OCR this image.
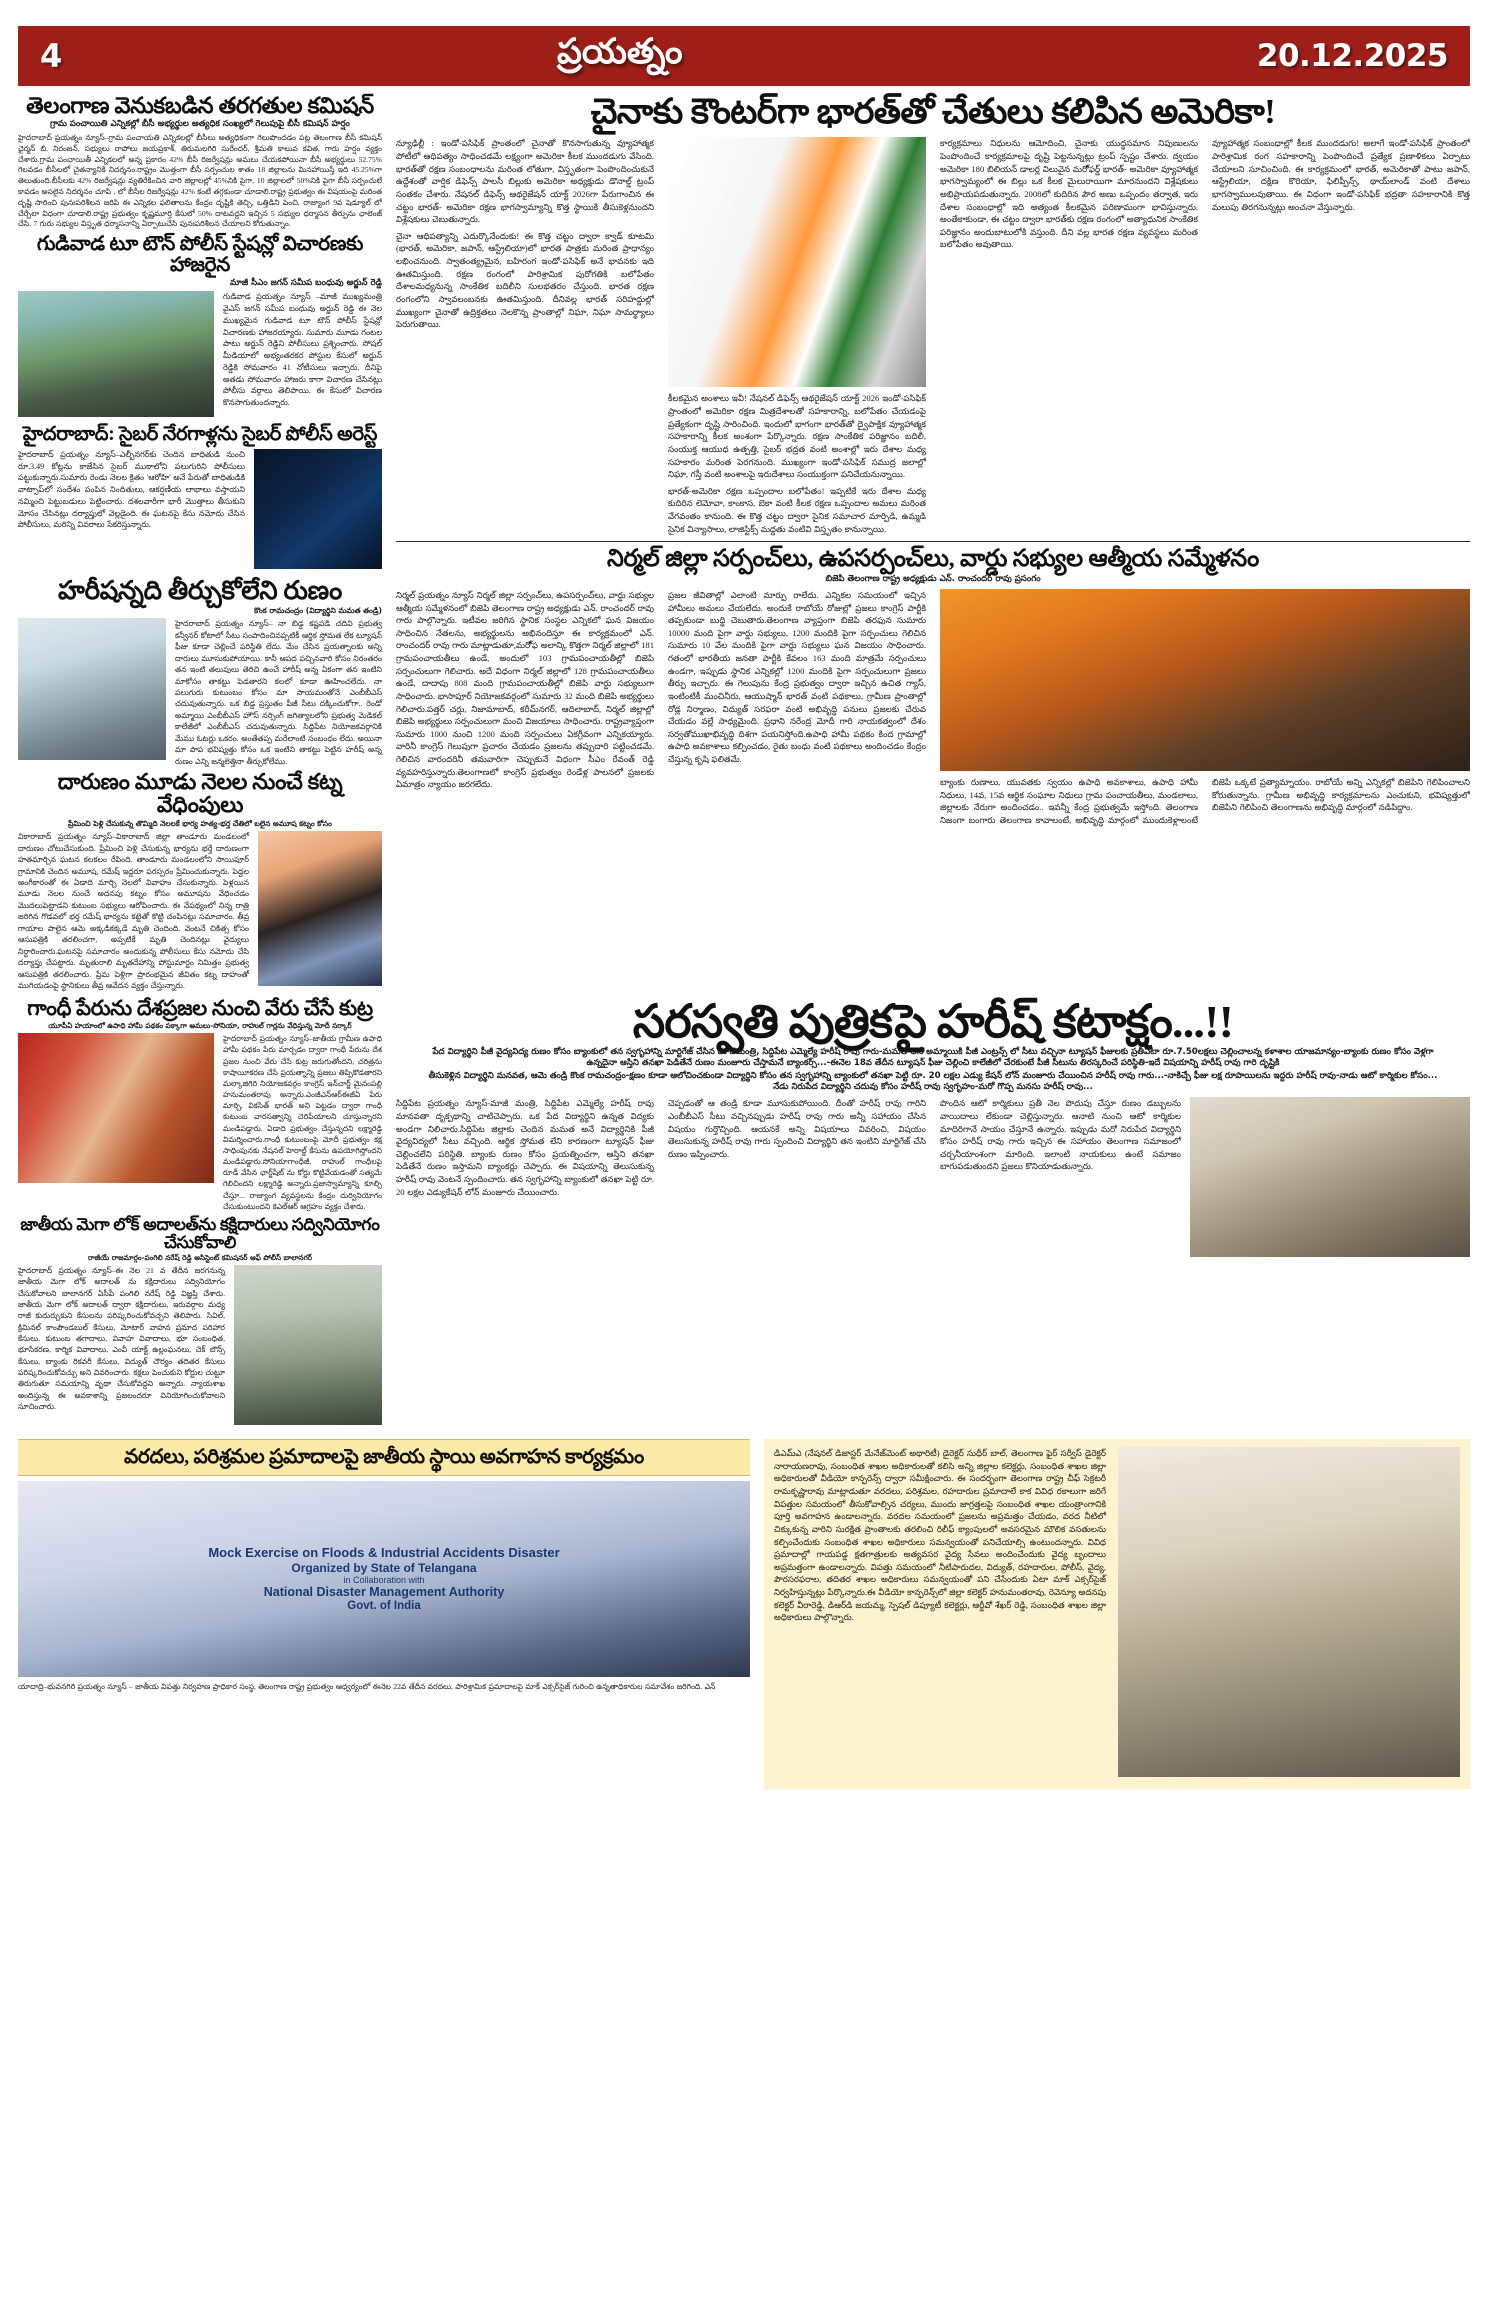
4	ప్రయత్నం	20.12.2025
తెలంగాణ వెనుకబడిన తరగతుల కమిషన్
గ్రామ పంచాయితి ఎన్నికల్లో బీసీ అభ్యర్థుల అత్యధిక సంఖ్యలో గెలుపుపై బీసీ కమిషన్ హర్షం
హైదరాబాద్ ప్రయత్నం న్యూస్–గ్రామ పంచాయతి ఎన్నికలల్లో బీసీలు అత్యధికంగా గెలుపొందడం పట్ల తెలంగాణ బీసీ కమిషన్ ఛైర్మన్ బి. నిరంజన్, సభ్యులు రాపోలు జయప్రకాశ్, తిరుమలగిరి సురేందర్, శ్రీమతి కాలువ కవిత, గారు హర్షం వ్యక్తం చేశారు.గ్రామ పంచాయితీ ఎన్నికలలో అన్న ప్రకారం 42% బీసీ రిజర్వేషన్లు అమలు చేయకపోయినా బీసీ అభ్యర్థులు 52.75% గెలవడం బీసీలలో చైతన్యానికి నిదర్శనం.రాష్ట్రం మొత్తంగా బీసీ సర్పంచుల శాతం 18 జిల్లాలను మినహాయిస్తే ఇది 45.25%గా తెలుతుంది.బీసీలకు 42% రిజర్వేషన్లు వ్యతిరేకించిన వారి జిల్లాలల్లో 45%నికి పైగా, 10 జిల్లాలలో 50%నికి పైగా బీసీ సర్పంచులే కావడం అసలైన నిదర్శనం చూపి , లో బీసీల రిజర్వేషన్లు 42% కంటే తగ్గకుండా చూడాలి.రాష్ట్ర ప్రభుత్వం ఈ విషయంపై మరింత దృష్టి సారించి పునఃపరిశీలన జరిపి ఈ ఎన్నికల ఫలితాలను కేంద్రం దృష్టికి తెచ్చి, ఒత్తిడిని పెంచి, రాజ్యాంగ 9వ షెడ్యూల్ లో చేర్చేలా విధంగా చూడాలి.రాష్ట్ర ప్రభుత్వం కృష్ణమూర్తి కేసులో 50% దాటవద్దని ఇచ్చిన 5 సభ్యుల ధర్మాసన తీర్పును ఛాలెంజ్ చేసి, 7 గురు సభ్యుల విస్తృత ధర్మాసనాన్ని ఏర్పాటుచేసి పునఃపరిశీలన చేయాలని కోరుతున్నాం.
గుడివాడ టూ టౌన్ పోలీస్ స్టేషన్లో విచారణకు హాజరైన
మాజీ సీఎం జగన్ సమీప బంధువు అర్జున్ రెడ్డి
గుడివాడ ప్రయత్నం న్యూస్ –మాజీ ముఖ్యమంత్రి వైఎస్ జగన్ సమీప బంధువు అర్జున్ రెడ్డి ఈ నెల ముఖ్యమైన గుడివాడ టూ టౌన్ పోలీస్ స్టేషన్లో విచారణకు హాజరయ్యారు. సుమారు మూడు గంటల పాటు అర్జున్ రెడ్డిని పోలీసులు ప్రశ్నించారు. సోషల్ మీడియాలో అభ్యంతరకర పోస్టుల కేసులో అర్జున్ రెడ్డికి సోమవారం 41 నోటీసులు ఇచ్చారు. దీనిపై అతడు సోమవారం హాజరు కాగా విచారణ చేసినట్లు పోలీసు వర్గాలు తెలిపాయి. ఈ కేసులో విచారణ కొనసాగుతుందన్నారు.
హైదరాబాద్: సైబర్ నేరగాళ్లను సైబర్ పోలీస్ అరెస్ట్
హైదరాబాద్ ప్రయత్నం న్యూస్–ఎల్బీనగర్‌కు చెందిన బాధితుడి నుంచి రూ.3.49 కోట్లను కాజేసిన సైబర్ ముఠాలోని పలుగురిని పోలీసులు పట్టుకున్నారు.సుమారు రెండు నెలల క్రితం 'ఆరోహి' అనే పేరుతో బాధితుడికి వాట్సాప్‌లో సందేశం పంపిన నిందితులు, ఆకర్షణీయ లాభాలు వస్తాయని నమ్మించి పెట్టుబడులు పెట్టించారు. దశలవారీగా భారీ మొత్తాలు తీసుకుని మోసం చేసినట్లు దర్యాప్తులో వెల్లడైంది. ఈ ఘటనపై కేసు నమోదు చేసిన పోలీసులు, మరిన్ని వివరాలు సేకరిస్తున్నారు.
హరీషన్నది తీర్చుకోలేని రుణం
కొంక రామచంద్రం (విద్యార్థిని మమత తండ్రి)
హైదరాబాద్ ప్రయత్నం న్యూస్– నా బిడ్డ కష్టపడి చదివి ప్రభుత్వ కన్వీనర్ కోటాలో సీటు సంపాదించినప్పటికీ ఆర్థిక స్తోమత లేక ట్యూషన్ ఫీజు కూడా చెల్లించే పరిస్థితి లేదు. మేం చేసిన ప్రయత్నాలకు అన్ని దారులు మూసుకుపోయాయి. కానీ ఆపద పచ్చినవారి కోసం నిరంతరం తన ఇంటి తలుపులు తెరిచి ఉంచే హారీష్ అన్న ఏకంగా తన ఇంటిని మాకోసం తాకట్టు పెడతారని కలలో కూడా ఊహించలేదు. నా పలుగురు కుటుంబం కోసం మా సాయమంతోనే ఎంబీబీఎస్ చదువుతున్నారు. ఒక బిడ్డ ప్రస్తుతం పీజీ సీటు దక్కించుకోగా.. రెండో అమ్మాయి ఎంబీబీఎస్ హౌస్ నర్సింగ్ జగిత్యాలలోని ప్రభుత్వ మెడికల్ కాలేజీలో ఎంబీబీఎస్ చదువుతున్నారు. సిద్దిపేట నియోజకవర్గానికి మేము ఓటర్లు ఒకరం. అంతేతప్ప మరేలాంటి సంబంధం లేదు. అయినా మా పాప భవిష్యత్తు కోసం ఒక ఇంటిని తాకట్టు పెట్టిన హరీష్ అన్న రుణం ఎన్ని జన్మలెత్తినా తీర్చుకోలేము.
దారుణం మూడు నెలల నుంచే కట్న వేధింపులు
ప్రేమించి పెళ్లి చేసుకున్న తొమ్మిది నెలలకే భార్య హత్య-భర్త చేతిలో బలైన అమూష కట్నం కోసం
వికారాబాద్ ప్రయత్నం న్యూస్–వికారాబాద్ జిల్లా తాండూరు మండలంలో దారుణం చోటుచేసుకుంది. ప్రేమించి పెళ్లి చేసుకున్న భార్యను భర్తే దారుణంగా హతమార్చిన ఘటన కలకలం రేపింది. తాండూరు మండలంలోని సాయిపూర్ గ్రామానికి చెందిన అమూష, రమేష్ ఇద్దరూ పరస్పరం ప్రేమించుకున్నారు. పెద్దల అంగీకారంతో ఈ ఏడాది మార్చి నెలలో వివాహం చేసుకున్నారు. పెళ్లయిన మూడు నెలల నుంచే అదనపు కట్నం కోసం అమూషను వేధించడం మొదలుపెట్టాడని కుటుంబ సభ్యులు ఆరోపించారు. ఈ నేపథ్యంలో నిన్న రాత్రి జరిగిన గొడవలో భర్త రమేష్ భార్యను కట్టెతో కొట్టి చంపినట్లు సమాచారం. తీవ్ర గాయాల పాలైన ఆమె అక్కడికక్కడే మృతి చెందింది. వెంటనే చికిత్స కోసం ఆసుపత్రికి తరలించగా, అప్పటికే మృతి చెందినట్లు వైద్యులు నిర్ధారించారు.ఘటనపై సమాచారం అందుకున్న పోలీసులు కేసు నమోదు చేసి దర్యాప్తు చేపట్టారు. మృతురాలి మృతదేహాన్ని పోస్టుమార్టం నిమిత్తం ప్రభుత్వ ఆసుపత్రికి తరలించారు. ప్రేమ పెళ్లిగా ప్రారంభమైన జీవితం కట్న దాహంతో ముగియడంపై స్థానికులు తీవ్ర ఆవేదన వ్యక్తం చేస్తున్నారు.
చైనాకు కౌంటర్‌గా భారత్‌తో చేతులు కలిపిన అమెరికా!
న్యూఢిల్లీ : ఇండో-పసిఫిక్ ప్రాంతంలో చైనాతో కొనసాగుతున్న వ్యూహాత్మక పోటీలో ఆధిపత్యం సాధించడమే లక్ష్యంగా అమెరికా కీలక ముందడుగు వేసింది. భారత్‌తో రక్షణ సంబంధాలను మరింత లోతుగా, విస్తృతంగా పెంపొందించుకునే ఉద్దేశంతో వార్షిక డిఫెన్స్ పాలసీ బిల్లుకు అమెరికా అధ్యక్షుడు డొనాల్డ్ ట్రంప్ సంతకం చేశారు. నేషనల్ డిఫెన్స్ ఆథరైజేషన్ యాక్ట్ 2026గా పేరుగాంచిన ఈ చట్టం భారత్- అమెరికా రక్షణ భాగస్వామ్యాన్ని కొత్త స్థాయికి తీసుకెళ్లనుందని విశ్లేషకులు చెబుతున్నారు.
చైనా ఆధిపత్యాన్ని ఎదుర్కొనేందుకు! ఈ కొత్త చట్టం ద్వారా క్వాడ్ కూటమి (భారత్, అమెరికా, జపాన్, ఆస్ట్రేలియా)లో భారత పాత్రకు మరింత ప్రాధాన్యం లభించనుంది. స్వాతంత్య్రమైన, బహిరంగ ఇండో-పసిఫిక్ అనే భావనకు ఇది ఊతమిస్తుంది. రక్షణ రంగంలో పారిశ్రామిక పురోగతికి బలోపేతం దేశాలమధ్యనున్న సాంకేతిక బదిలీని సులభతరం చేస్తుంది. భారత రక్షణ రంగంలోని స్వావలంబనకు ఊతమిస్తుంది. దీనివల్ల భారత్ సరిహద్దుల్లో ముఖ్యంగా చైనాతో ఉద్రిక్తతలు నెలకొన్న ప్రాంతాల్లో నిఘా, నిఘా సామర్థ్యాలు పెరుగుతాయి.
కీలకమైన అంశాలు ఇవీ! నేషనల్ డిఫెన్స్ ఆథరైజేషన్ యాక్ట్ 2026 ఇండో-పసిఫిక్ ప్రాంతంలో అమెరికా రక్షణ మిత్రదేశాలతో సహకారాన్ని, బలోపేతం చేయడంపై ప్రత్యేకంగా దృష్టి సారించింది. ఇందులో భాగంగా భారత్‌తో ద్వైపాక్షిక వ్యూహాత్మక సహకారాన్ని కీలక అంశంగా పేర్కొన్నారు. రక్షణ సాంకేతిక పరిజ్ఞానం బదిలీ, సంయుక్త ఆయుధ ఉత్పత్తి, సైబర్ భద్రత వంటి అంశాల్లో ఇరు దేశాల మధ్య సహకారం మరింత పెరగనుంది. ముఖ్యంగా ఇండో-పసిఫిక్ సముద్ర జలాల్లో నిఘా, గస్తీ వంటి అంశాలపై ఇరుదేశాలు సంయుక్తంగా పనిచేయనున్నాయి.
భారత్-అమెరికా రక్షణ ఒప్పందాల బలోపేతం! ఇప్పటికే ఇరు దేశాల మధ్య కుదిరిన లెమోవా, కాంకాస, బెకా వంటి కీలక రక్షణ ఒప్పందాల అమలు మరింత వేగవంతం కానుంది. ఈ కొత్త చట్టం ద్వారా సైనిక సమాచార మార్పిడి, ఉమ్మడి సైనిక విన్యాసాలు, లాజిస్టిక్స్ మద్దతు వంటివి విస్తృతం కానున్నాయి.
కార్యక్రమాలు నిధులను ఆమోదించి, చైనాకు యుద్ధసమాన నిపుణులను పెంపొందించే కార్యక్రమాలపై దృష్టి పెట్టనున్నట్లు ట్రంప్ స్పష్టం చేశారు. ద్వయం అమెరికా 180 బిలియన్ డాలర్ల విలువైన మరో్ఫర్డ్ భారత్- అమెరికా వ్యూహాత్మక భాగస్వామ్యంలో ఈ బిల్లు ఒక కీలక మైలురాయిగా మారనుందని విశ్లేషకులు అభిప్రాయపడుతున్నారు. 2008లో కుదిరిన పౌర అణు ఒప్పందం తర్వాత, ఇరు దేశాల సంబంధాల్లో ఇది అత్యంత కీలకమైన పరిణామంగా భావిస్తున్నారు. అంతేకాకుండా, ఈ చట్టం ద్వారా భారత్‌కు రక్షణ రంగంలో అత్యాధునిక సాంకేతిక పరిజ్ఞానం అందుబాటులోకి వస్తుంది. దీని వల్ల భారత రక్షణ వ్యవస్థలు మరింత బలోపేతం అవుతాయి.
వ్యూహాత్మక సంబంధాల్లో కీలక ముందడుగు! అలాగే ఇండో-పసిఫిక్ ప్రాంతంలో పారిశ్రామిక రంగ సహకారాన్ని పెంపొందించే ప్రత్యేక ప్రణాళికలు ఏర్పాటు చేయాలని సూచించింది. ఈ కార్యక్రమంలో భారత్, అమెరికాతో పాటు జపాన్, ఆస్ట్రేలియా, దక్షిణ కొరియా, ఫిలిప్పీన్స్, థాయ్‌లాండ్ వంటి దేశాలు భాగస్వాములవుతాయి. ఈ విధంగా ఇండో-పసిఫిక్ భద్రతా సహకారానికి కొత్త మలుపు తిరగనున్నట్లు అంచనా వేస్తున్నారు.
నిర్మల్ జిల్లా సర్పంచ్‌లు, ఉపసర్పంచ్‌లు, వార్డు సభ్యుల ఆత్మీయ సమ్మేళనం
బిజెపి తెలంగాణ రాష్ట్ర అధ్యక్షుడు ఎన్. రాంచందర్ రావు ప్రసంగం
నిర్మల్ ప్రయత్నం న్యూస్ నిర్మల్ జిల్లా సర్పంచ్‌లు, ఉపసర్పంచ్‌లు, వార్డు సభ్యుల ఆత్మీయ సమ్మేళనంలో బిజెపి తెలంగాణ రాష్ట్ర అధ్యక్షుడు ఎన్. రాంచందర్ రావు గారు పాల్గొన్నారు. ఇటీవల జరిగిన స్థానిక సంస్థల ఎన్నికలో ఘన విజయం సాధించిన నేతలను, అభ్యర్థులను అభినందిస్తూ ఈ కార్యక్రమంలో ఎన్. రాంచందర్ రావు గారు మాట్లాడుతూ,మరో్ఫ అలాన్కి కొత్తగా నిర్మల్ జిల్లాలో 181 గ్రామపంచాయతీలు ఉండే, అందులో 103 గ్రామపంచాయతీల్లో బిజెపి సర్పంచులుగా గెలిచారు. అదే విధంగా నిర్మల్ జిల్లాలో 128 గ్రామపంచాయతీలు ఉండే, దాదాపు 808 మంది గ్రామపంచాయతీల్లో బిజెపి వార్డు సభ్యులుగా సాధించారు. భాసాపూర్ నియోజకవర్గంలో సుమారు 32 మంది బిజెపి అభ్యర్థులు గెలిచారు.పత్తర్ చర్లు, నిజామాబాద్, కరీమ్‌నగర్, ఆదిలాబాద్, నిర్మల్ జిల్లాల్లో బిజెపి అభ్యర్థులు సర్పంచులుగా మంచి విజయాలు సాధించారు. రాష్ట్రవ్యాప్తంగా సుమారు 1000 నుంచి 1200 మంది సర్పంచులు ఏకగ్రీవంగా ఎన్నికయ్యారు. వారినీ కాంగ్రెస్ గెలుపుగా ప్రచారం చేయడం ప్రజలను తప్పుదారి పట్టించడమే. గెలిచిన వారందరినీ తమవారిగా చెప్పుకునే విధంగా సీఎం రేవంత్ రెడ్డి వ్యవహరిస్తున్నారు.తెలంగాణలో కాంగ్రెస్ ప్రభుత్వం రెండేళ్ల పాలనలో ప్రజలకు ఏమాత్రం న్యాయం జరగలేదు.
ప్రజల జీవితాల్లో ఎలాంటి మార్పు రాలేదు. ఎన్నికల సమయంలో ఇచ్చిన హామీలు అమలు చేయలేదు. అందుకే రాబోయే రోజుల్లో ప్రజలు కాంగ్రెస్ పార్టీకి తప్పకుండా బుద్ధి చెబుతారు.తెలంగాణ వ్యాప్తంగా బిజెపి తరఫున సుమారు 10000 మంది పైగా వార్డు సభ్యులు, 1200 మందికి పైగా సర్పంచులు గెలిచిన సుమారు 10 వేల మందికి పైగా వార్డు సభ్యులు ఘన విజయం సాధించారు. గతంలో భారతీయ జనతా పార్టీకి కేవలం 163 మంది మాత్రమే సర్పంచులు ఉండగా, ఇప్పుడు స్థానిక ఎన్నికల్లో 1200 మందికి పైగా సర్పంచులుగా ప్రజలు తీర్పు ఇచ్చారు. ఈ గెలుపును కేంద్ర ప్రభుత్వం ద్వారా ఇచ్చిన ఉచిత గ్యాస్, ఇంటింటికీ మంచినీరు, ఆయుష్మాన్ భారత్ వంటి పథకాలు, గ్రామీణ ప్రాంతాల్లో రోడ్ల నిర్మాణం, విద్యుత్ సరఫరా వంటి అభివృద్ధి పనులు ప్రజలకు చేరువ చేయడం వల్లే సాధ్యమైంది. ప్రధాని నరేంద్ర మోదీ గారి నాయకత్వంలో దేశం సర్వతోముఖాభివృద్ధి దిశగా పయనిస్తోంది.ఉపాధి హామీ పథకం కింద గ్రామాల్లో ఉపాధి అవకాశాలు కల్పించడం, రైతు బంధు వంటి పథకాలు అందించడం కేంద్రం చేస్తున్న కృషి ఫలితమే.
బ్యాంకు రుణాలు, యువతకు స్వయం ఉపాధి అవకాశాలు, ఉపాధి హామీ నిధులు, 14వ, 15వ ఆర్థిక సంఘాల నిధులు గ్రామ పంచాయతీలు, మండలాలు, జిల్లాలకు నేరుగా అందించడం.. ఇవన్నీ కేంద్ర ప్రభుత్వమే ఇస్తోంది. తెలంగాణ నిజంగా బంగారు తెలంగాణ కావాలంటే, అభివృద్ధి మార్గంలో ముందుకెళ్లాలంటే బిజెపి ఒక్కటే ప్రత్యామ్నాయం. రాబోయే అన్ని ఎన్నికల్లో బిజెపిని గెలిపించాలని కోరుతున్నాను. గ్రామీణ అభివృద్ధి కార్యక్రమాలను ఎంచుకుని, భవిష్యత్తులో బిజెపిని గెలిపించి తెలంగాణను అభివృద్ధి మార్గంలో నడిపిద్దాం.
గాంధీ పేరును దేశప్రజల నుంచి వేరు చేసే కుట్ర
యూపీఏ హయాంలో ఉపాధి హామీ పథకం పక్కాగా అమలు-సోనియా, రాహుల్ గార్లను వేధిస్తున్న మోదీ సర్కార్
హైదరాబాద్ ప్రయత్నం న్యూస్–జాతీయ గ్రామీణ ఉపాధి హామీ పథకం పేరు మార్చడం ద్వారా గాంధీ పేరును దేశ ప్రజల నుంచి వేరు చేసే కుట్ర జరుగుతోందని, చరిత్రను కాషాయీకరణ చేసే ప్రయత్నాన్ని ప్రజలు తిప్పికొడతారని మల్కాజిగిరి నియోజకవర్గం కాంగ్రెస్ ఇన్‌చార్జ్ మైనంపల్లి హనుమంతరావు అన్నారు.ఎంజీఎన్ఆర్ఈజీఏ పేరు మార్చి, వికసిత్ భారత్ అని పెట్టడం ద్వారా గాంధీ కుటుంబ వారసత్వాన్ని చెరిపేయాలని చూస్తున్నారని మండిపడ్డారు. ఏడాది ప్రభుత్వం చేస్తున్నదని లక్ష్మారెడ్డి విమర్శించారు.గాంధీ కుటుంబంపై మోదీ ప్రభుత్వం కక్ష సాధింపునకు నేషనల్ హెరాల్డ్ కేసును ఉపయోగిస్తోందని మండిపడ్డారు.సోనియాగాంధీజీ, రాహుల్ గాంధీలపై రూడీ వేసిన ఛార్జ్‌షీట్ ను కోర్టు కొట్టివేయడంతో సత్యమే గెలిచిందని లక్ష్మారెడ్డి అన్నారు.ప్రజాస్వామ్యాన్ని కూల్చి చేస్తూ... రాజ్యాంగ వ్యవస్థలను కేంద్రం దుర్వినియోగం చేసుకుంటుందని కెఎల్ఆర్ ఆగ్రహం వ్యక్తం చేశారు.
జాతీయ మెగా లోక్ అదాలత్‌ను కక్షిదారులు సద్వినియోగం చేసుకోవాలి
రాజీయే రాజమార్గం-పంగిలి నరేష్ రెడ్డి అసిస్టెంట్ కమిషనర్ ఆఫ్ పోలీస్ బాలానగర్
హైదరాబాద్ ప్రయత్నం న్యూస్–ఈ నెల 21 వ తేదీన జరగనున్న జాతీయ మెగా లోక్ అదాలత్ ను కక్షిదారులు సద్వినియోగం చేసుకోవాలని బాలానగర్ ఏసీపీ పంగిలి నరేష్ రెడ్డి విజ్ఞప్తి చేశారు. జాతీయ మెగా లోక్ అదాలత్ ద్వారా కక్షిదారులు, ఇరువర్గాల మధ్య రాజీ కుదుర్చుకుని కేసులను పరిష్కరించుకోవచ్చని తెలిపారు. సివిల్, క్రిమినల్ కాంపౌండబుల్ కేసులు, మోటార్ వాహన ప్రమాద పరిహార కేసులు, కుటుంబ తగాదాలు, వివాహ వివాదాలు, భూ సంబంధిత, భూసేకరణ, కార్మిక వివాదాలు, ఎంవీ యాక్ట్ ఉల్లంఘనలు, చెక్ బౌన్స్ కేసులు, బ్యాంకు రికవరీ కేసులు, విద్యుత్ చౌర్యం తదితర కేసులు పరిష్కరించుకోవచ్చు అని వివరించారు. కక్షలు పెంచుకుని కోర్టుల చుట్టూ తిరుగుతూ సమయాన్ని వృథా చేసుకోవద్దని అన్నారు. న్యాయశాఖ అందిస్తున్న ఈ అవకాశాన్ని ప్రజలందరూ వినియోగించుకోవాలని సూచించారు.
సరస్వతి పుత్రికపై హరీష్ కటాక్షం...!!
పేద విద్యార్థిని పీజీ వైద్యవిద్య రుణం కోసం బ్యాంకులో తన స్వగృహాన్ని మార్టిగేజ్ చేసిన మాజీమంత్రి, సిద్దిపేట ఎమ్మెల్యే హరీష్ రావు గారు-మమత అనే అమ్మాయికి పీజీ ఎంట్రన్స్ లో సీటు వచ్చినా ట్యూషన్ ఫీజులకు ప్రతీఏటా రూ.7.50లక్షలు చెల్లించాలన్న కళాశాల యాజమాన్యం-బ్యాంకు రుణం కోసం వెళ్లగా ఉన్నదైనా ఆస్తిని తనఖా పెడితేనే రుణం మంజూరు చేస్తామనే బ్యాంకర్స్...-ఈనెల 18వ తేదీన ట్యూషన్ ఫీజు చెల్లించి కాలేజీలో చేరకుంటే పీజీ సీటును తిరస్కరించే పరిస్థితి-ఇదే విషయాన్ని హరీష్ రావు గారి దృష్టికి
తీసుకెళ్లిన విద్యార్థిని మనవత, ఆమె తండ్రి కొంక రామచంద్రం-క్షణం కూడా ఆలోచించకుండా విద్యార్థిని కోసం తన స్వగృహాన్ని బ్యాంకులో తనఖా పెట్టి రూ. 20 లక్షల ఎడ్యు కేషన్ లోన్ మంజూరు చేయించిన హరీష్ రావు గారు...-నాకిచ్చే ఫీజు లక్ష రూపాయిలను ఇద్దరు హరీష్ రావు-నాడు ఆటో కార్మికుల కోసం... నేడు నిరుపేద విద్యార్థిని చదువు కోసం హరీష్ రావు స్వగృహం-మరో గొప్ప మనసు హరీష్ రావు...
సిద్దిపేట ప్రయత్నం న్యూస్-మాజీ మంత్రి, సిద్దిపేట ఎమ్మెల్యే హరీష్ రావు మానవతా దృక్పథాన్ని చాటిచెప్పారు. ఒక పేద విద్యార్థిని ఉన్నత విద్యకు అండగా నిలిచారు.సిద్దిపేట జిల్లాకు చెందిన మమత అనే విద్యార్థినికి పీజీ వైద్యవిద్యలో సీటు వచ్చింది. ఆర్థిక స్తోమత లేని కారణంగా ట్యూషన్ ఫీజు చెల్లించలేని పరిస్థితి. బ్యాంకు రుణం కోసం ప్రయత్నించగా, ఆస్తిని తనఖా పెడితేనే రుణం ఇస్తామని బ్యాంకర్లు చెప్పారు. ఈ విషయాన్ని తెలుసుకున్న హరీష్ రావు వెంటనే స్పందించారు. తన స్వగృహాన్ని బ్యాంకులో తనఖా పెట్టి రూ. 20 లక్షల ఎడ్యుకేషన్ లోన్ మంజూరు చేయించారు.
చెప్పడంతో ఆ తండ్రి కూడా మూసుకుపోయింది. దీంతో హరీష్ రావు గారిని ఎంబీబీఎస్ సీటు వచ్చినప్పుడు హరీష్ రావు గారు అన్నీ సహాయం చేసిన విషయం గుర్తొచ్చింది. ఆయనకే అన్ని విషయాలు వివరించి, విషయం తెలుసుకున్న హరీష్ రావు గారు స్పందించి విద్యార్థిని తన ఇంటిని మార్టిగేజ్ చేసి రుణం ఇప్పించారు.
పొందిన ఆటో కార్మికులు ప్రతీ నెల పొదుపు చేస్తూ రుణం డబ్బులను వాయిదాలు లేకుండా చెల్లిస్తున్నారు. ఆనాటి నుంచి ఆటో కార్మికుల మాదిరిగానే సాయం చేస్తూనే ఉన్నారు. ఇప్పుడు మరో నిరుపేద విద్యార్థిని కోసం హరీష్ రావు గారు ఇచ్చిన ఈ సహాయం తెలంగాణ సమాజంలో చర్చనీయాంశంగా మారింది. ఇలాంటి నాయకులు ఉంటే సమాజం బాగుపడుతుందని ప్రజలు కొనియాడుతున్నారు.
వరదలు, పరిశ్రమల ప్రమాదాలపై జాతీయ స్థాయి అవగాహన కార్యక్రమం
Mock Exercise on Floods & Industrial Accidents Disaster
Organized by State of Telangana
in Collaboration with
National Disaster Management Authority
Govt. of India
యాదాద్రి–భువనగిరి ప్రయత్నం న్యూస్ – జాతీయ విపత్తు నిర్వహణ ప్రాధికార సంస్థ, తెలంగాణ రాష్ట్ర ప్రభుత్వం ఆధ్వర్యంలో ఈనెల 22వ తేదీన వరదలు, పారిశ్రామిక ప్రమాదాలపై మాక్ ఎక్సర్‌సైజ్ గురించి ఉన్నతాధికారుల సమావేశం జరిగింది. ఎన్
డిఎమ్ఎ (నేషనల్ డిజాస్టర్ మేనేజ్‌మెంట్ అథారిటీ) డైరెక్టర్ సుధీర్ బాల్, తెలంగాణ ఫైర్ సర్వీస్ డైరెక్టర్ నారాయణరావు, సంబంధిత శాఖల అధికారులతో కలిసి అన్ని జిల్లాల కలెక్టర్లు, సంబంధిత శాఖల జిల్లా అధికారులతో వీడియో కాన్ఫరెన్స్ ద్వారా సమీక్షించారు. ఈ సందర్భంగా తెలంగాణ రాష్ట్ర చీఫ్ సెక్రటరీ రామకృష్ణారావు మాట్లాడుతూ వరదలు, పరిశ్రమల, రహదారుల ప్రమాదాలే కాక వివిధ రకాలుగా జరిగే విపత్తుల సమయంలో తీసుకోవాల్సిన చర్యలు, ముందు జాగ్రత్తలపై సంబంధిత శాఖల యంత్రాంగానికి పూర్తి అవగాహన ఉండాలన్నారు. వరదల సమయంలో ప్రజలను అప్రమత్తం చేయడం, వరద నీటిలో చిక్కుకున్న వారిని సురక్షిత ప్రాంతాలకు తరలించి రిలీఫ్ క్యాంపులలో అవసరమైన మౌలిక వసతులను కల్పించేందుకు సంబంధిత శాఖల అధికారులు సమన్వయంతో పనిచేయాల్సి ఉంటుందన్నారు. వివిధ ప్రమాదాల్లో గాయపడ్డ క్షతగాత్రులకు అత్యవసర వైద్య సేవలు అందించేందుకు వైద్య బృందాలు అప్రమత్తంగా ఉండాలన్నారు. విపత్తు సమయంలో నీటిపారుదల, విద్యుత్, రహదారుల, పోలీస్, వైద్య, పౌరసరఫరాల, తదితర శాఖల అధికారులు సమన్వయంతో పని చేసేందుకు ఏటా మాక్ ఎక్సర్‌సైజ్ నిర్వహిస్తున్నట్లు పేర్కొన్నారు.ఈ వీడియో కాన్ఫరెన్స్‌లో జిల్లా కలెక్టర్ హనుమంతరావు, రెవెన్యూ అదనపు కలెక్టర్ వీరారెడ్డి, డిఆర్‌డి జయమ్మ, స్పెషల్ డిప్యూటీ కలెక్టర్లు, ఆర్డీవో శేఖర్ రెడ్డి, సంబంధిత శాఖల జిల్లా అధికారులు పాల్గొన్నారు.
